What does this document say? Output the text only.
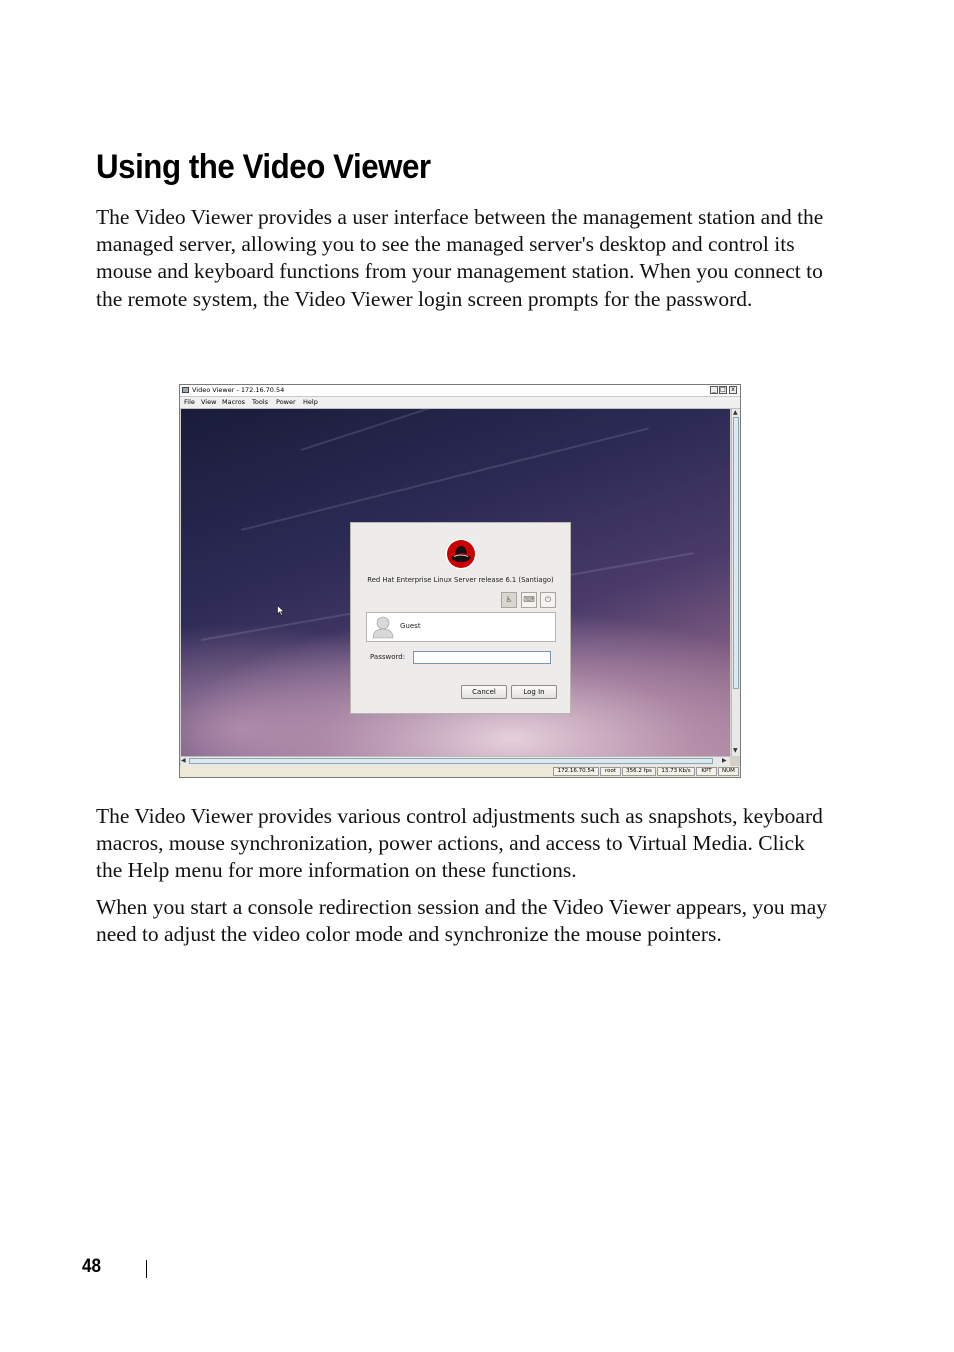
Using the Video Viewer

The Video Viewer provides a user interface between the management station and the managed server, allowing you to see the managed server's desktop and control its mouse and keyboard functions from your management station. When you connect to the remote system, the Video Viewer login screen prompts for the password.

Video Viewer - 172.16.70.54	_ □ x
File View Macros Tools Power Help
Red Hat Enterprise Linux Server release 6.1 (Santiago)
♿	⌨	⏻
Guest
Password:
Cancel	Log In
▲
▼
◀	▶
172.16.70.54	root	356.2 fps	13.73 Kb/s	KPT	NUM

The Video Viewer provides various control adjustments such as snapshots, keyboard macros, mouse synchronization, power actions, and access to Virtual Media. Click the Help menu for more information on these functions.

When you start a console redirection session and the Video Viewer appears, you may need to adjust the video color mode and synchronize the mouse pointers.

48
